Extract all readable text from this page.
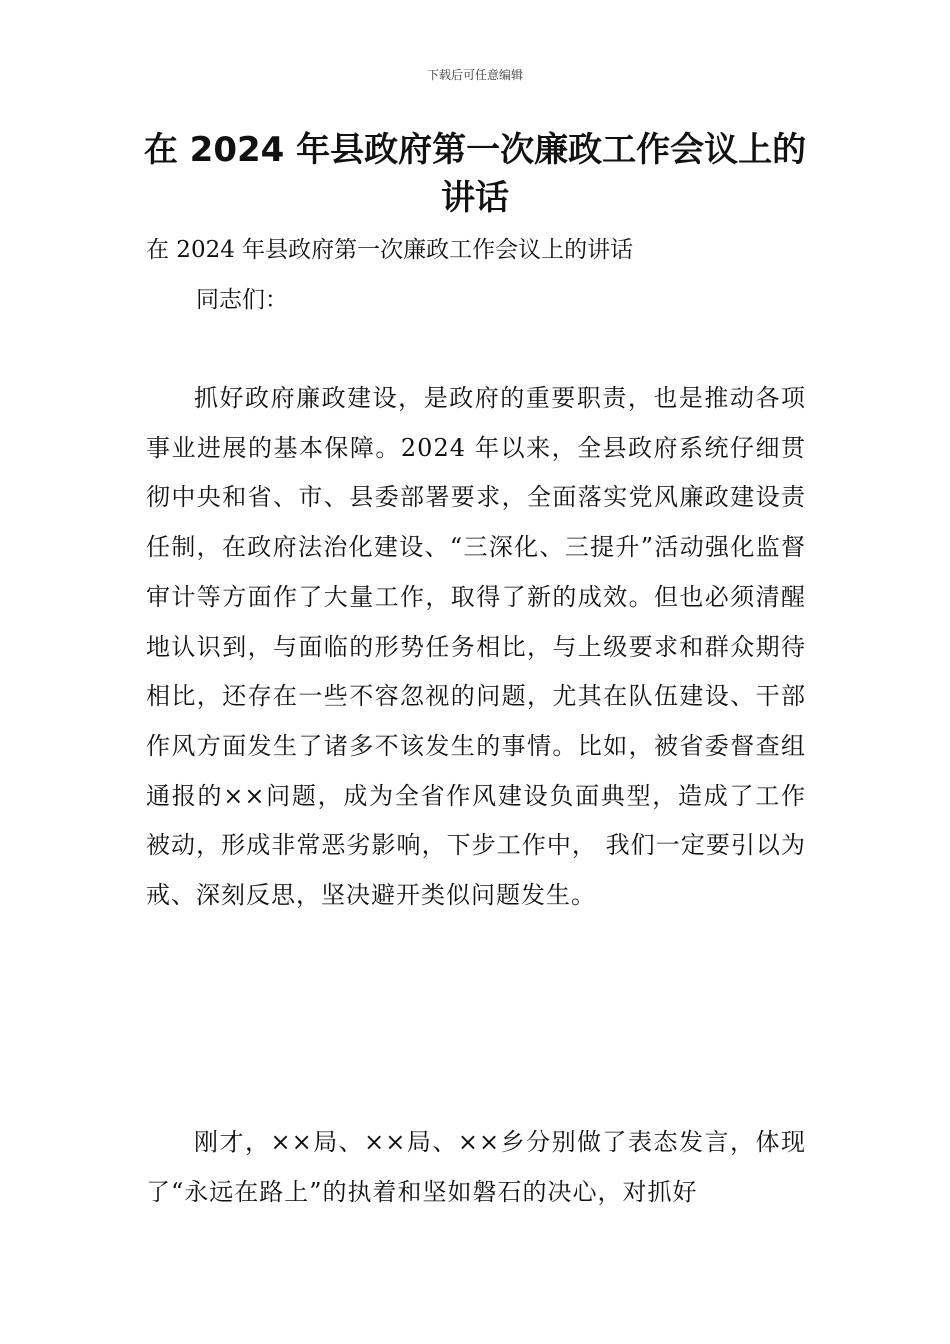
下载后可任意编辑
在 2024 年县政府第一次廉政工作会议上的讲话

在 2024 年县政府第一次廉政工作会议上的讲话

同志们：

抓好政府廉政建设，是政府的重要职责，也是推动各项事业进展的基本保障。2024 年以来，全县政府系统仔细贯彻中央和省、市、县委部署要求，全面落实党风廉政建设责任制，在政府法治化建设、“三深化、三提升”活动强化监督审计等方面作了大量工作，取得了新的成效。但也必须清醒地认识到，与面临的形势任务相比，与上级要求和群众期待相比，还存在一些不容忽视的问题，尤其在队伍建设、干部作风方面发生了诸多不该发生的事情。比如，被省委督查组通报的××问题，成为全省作风建设负面典型，造成了工作被动，形成非常恶劣影响，下步工作中， 我们一定要引以为戒、深刻反思，坚决避开类似问题发生。

刚才，××局、××局、××乡分别做了表态发言，体现了“永远在路上”的执着和坚如磐石的决心，对抓好
